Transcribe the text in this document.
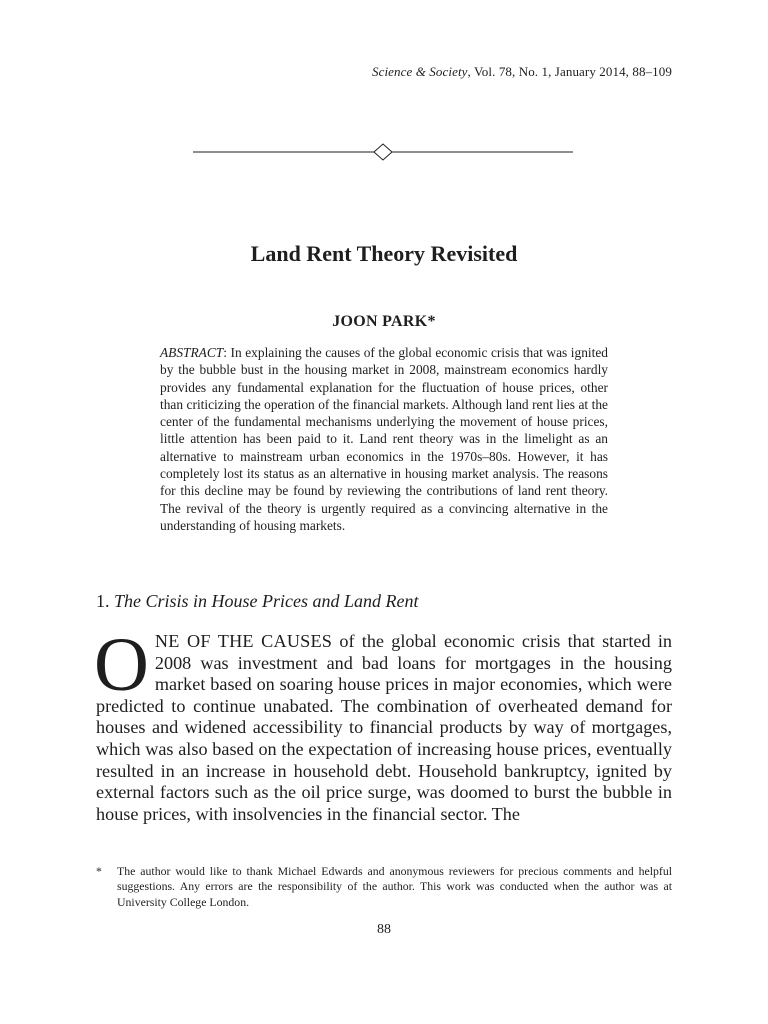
Science & Society, Vol. 78, No. 1, January 2014, 88–109
Land Rent Theory Revisited
JOON PARK*

ABSTRACT: In explaining the causes of the global economic crisis that was ignited by the bubble bust in the housing market in 2008, mainstream economics hardly provides any fundamental explanation for the fluctuation of house prices, other than criticizing the operation of the financial markets. Although land rent lies at the center of the fundamental mechanisms underlying the movement of house prices, little attention has been paid to it. Land rent theory was in the limelight as an alternative to mainstream urban economics in the 1970s–80s. However, it has completely lost its status as an alternative in housing market analysis. The reasons for this decline may be found by reviewing the contributions of land rent theory. The revival of the theory is urgently required as a convincing alternative in the understanding of housing markets.

1. The Crisis in House Prices and Land Rent

ONE OF THE CAUSES of the global economic crisis that started in 2008 was investment and bad loans for mortgages in the housing market based on soaring house prices in major economies, which were predicted to continue unabated. The combination of overheated demand for houses and widened accessibility to financial products by way of mortgages, which was also based on the expectation of increasing house prices, eventually resulted in an increase in household debt. Household bankruptcy, ignited by external factors such as the oil price surge, was doomed to burst the bubble in house prices, with insolvencies in the financial sector. The

* The author would like to thank Michael Edwards and anonymous reviewers for precious comments and helpful suggestions. Any errors are the responsibility of the author. This work was conducted when the author was at University College London.
88
